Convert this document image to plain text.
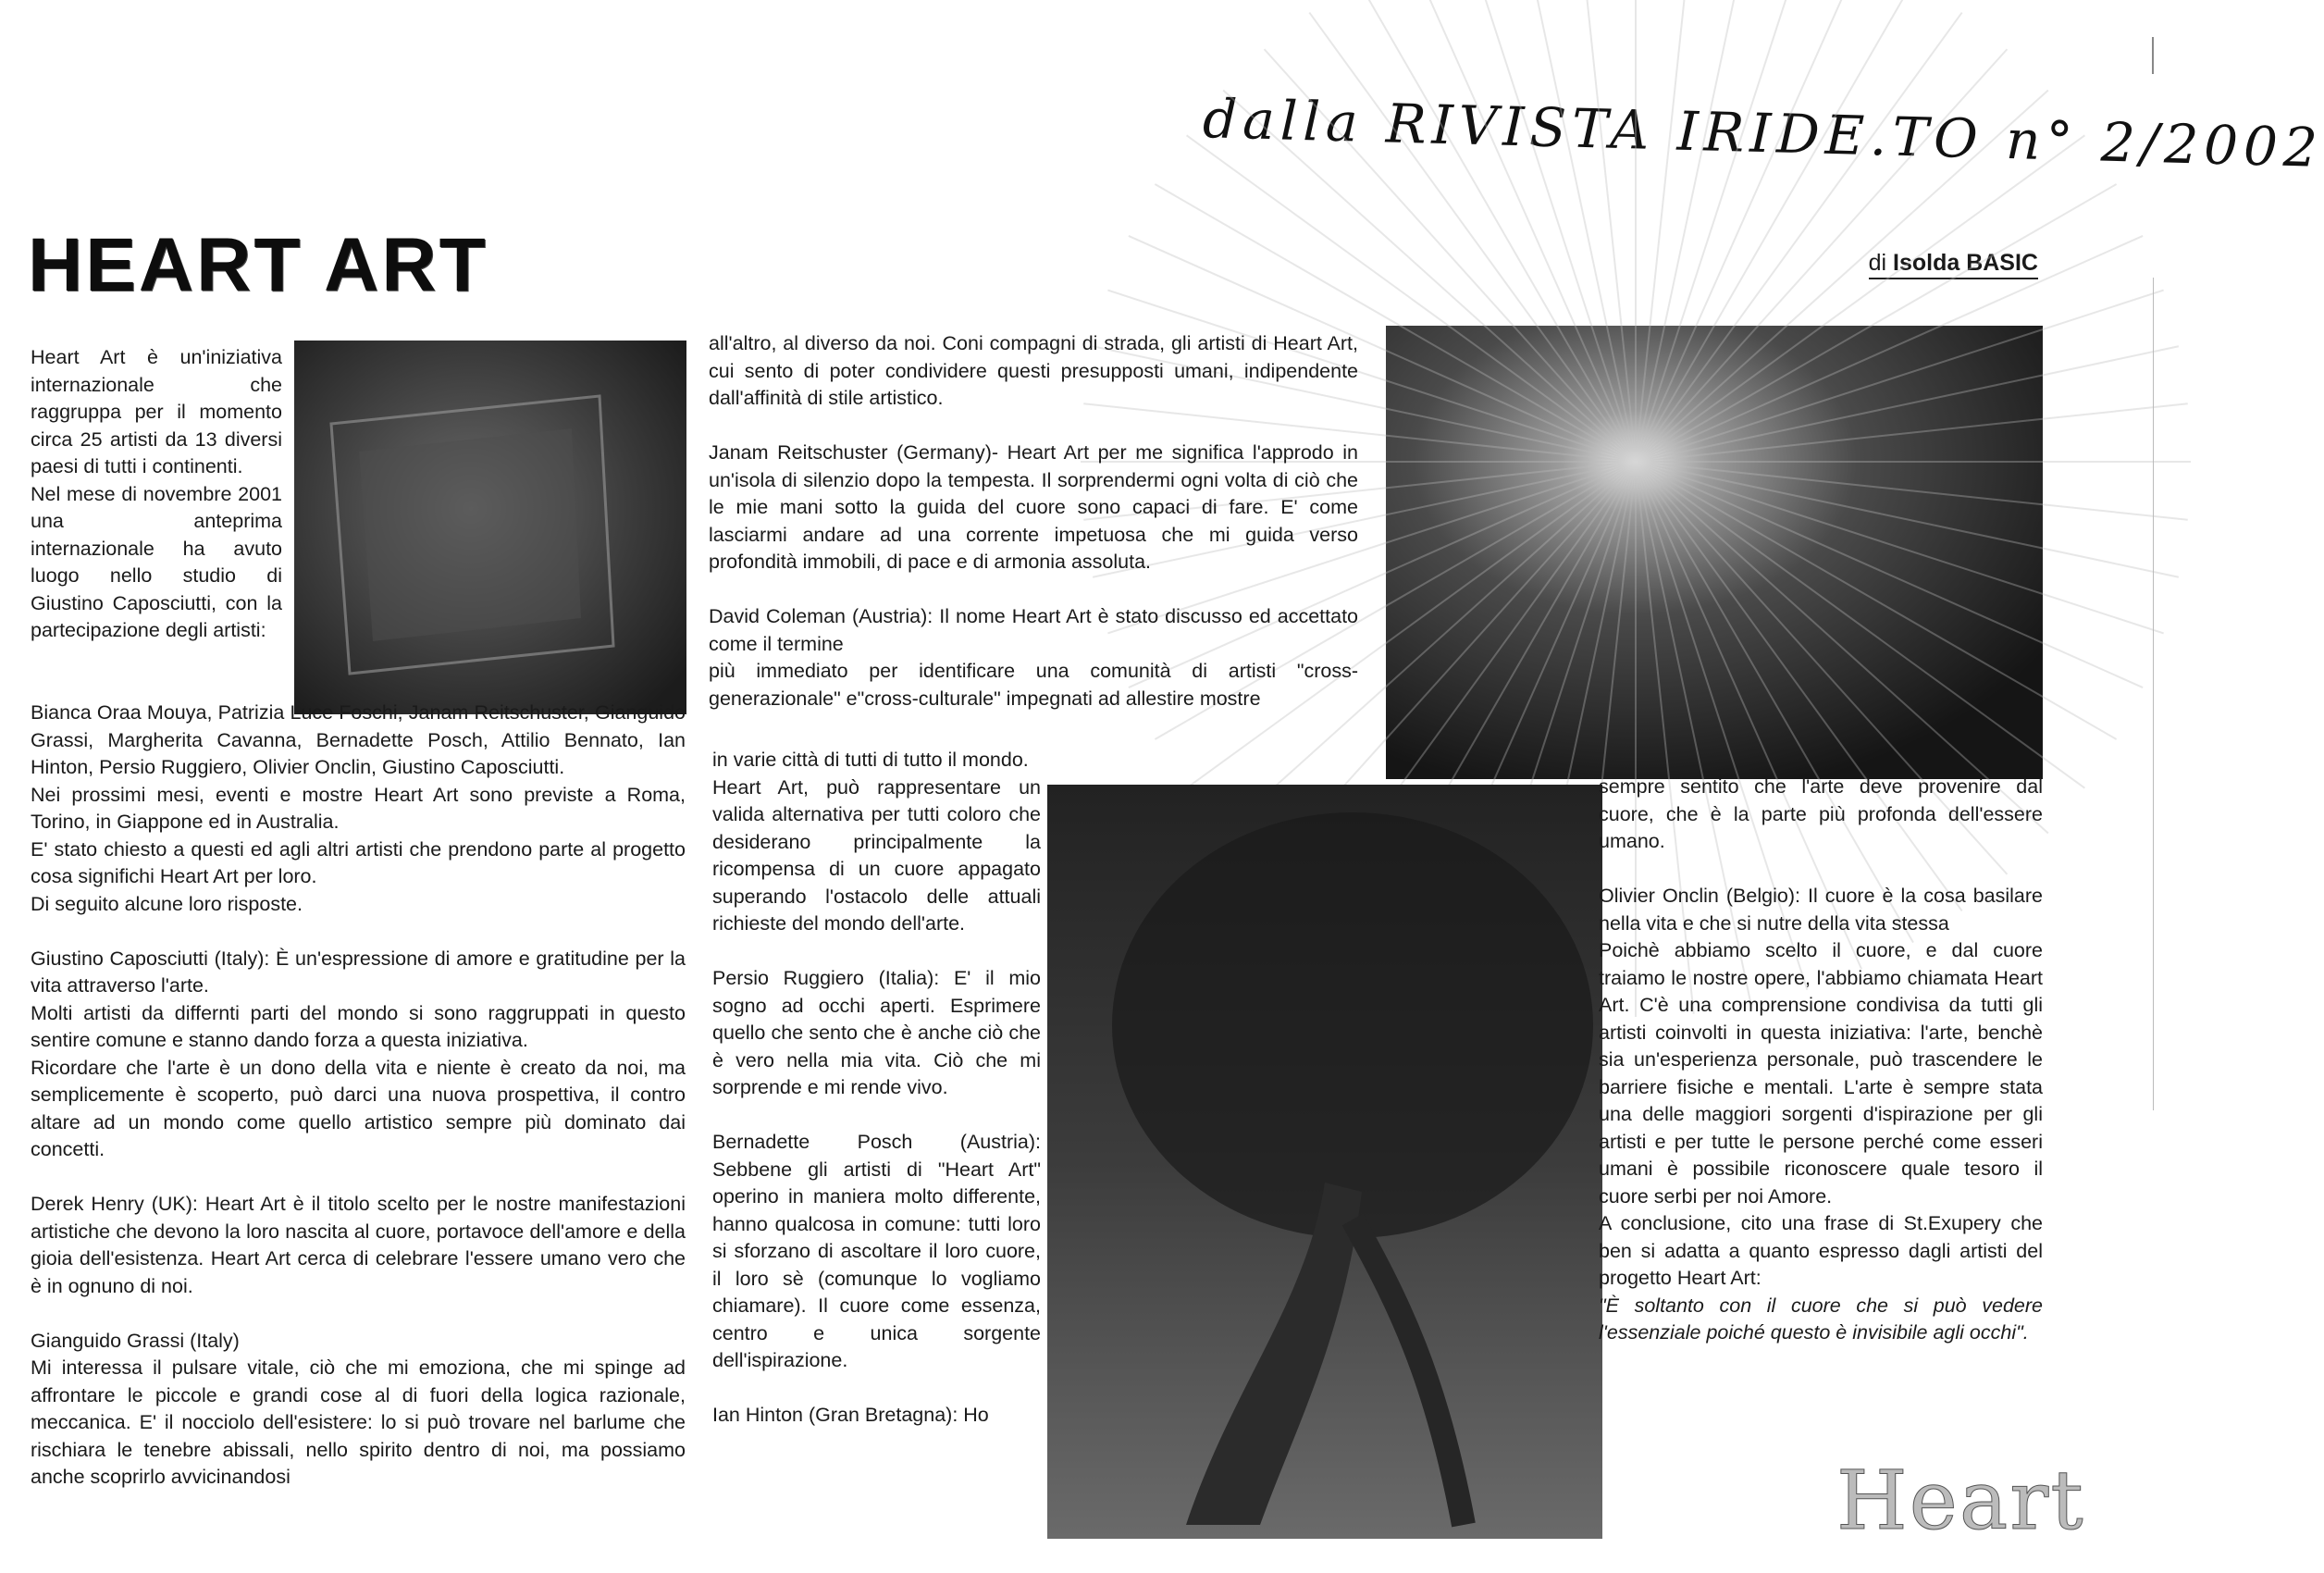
dalla RIVISTA IRIDE.TO n° 2/2002
HEART ART	di Isolda BASIC

Heart Art è un'iniziativa internazionale che raggruppa per il momento circa 25 artisti da 13 diversi paesi di tutti i continenti.

Nel mese di novembre 2001 una anteprima internazionale ha avuto luogo nello studio di Giustino Caposciutti, con la partecipazione degli artisti:

Bianca Oraa Mouya, Patrizia Luce Foschi, Janam Reitschuster, Gianguido Grassi, Margherita Cavanna, Bernadette Posch, Attilio Bennato, Ian Hinton, Persio Ruggiero, Olivier Onclin, Giustino Caposciutti.

Nei prossimi mesi, eventi e mostre Heart Art sono previste a Roma, Torino, in Giappone ed in Australia.

E' stato chiesto a questi ed agli altri artisti che prendono parte al progetto cosa significhi Heart Art per loro.

Di seguito alcune loro risposte.

Giustino Caposciutti (Italy): È un'espressione di amore e gratitudine per la vita attraverso l'arte.

Molti artisti da differnti parti del mondo si sono raggruppati in questo sentire comune e stanno dando forza a questa iniziativa.

Ricordare che l'arte è un dono della vita e niente è creato da noi, ma semplicemente è scoperto, può darci una nuova prospettiva, il contro altare ad un mondo come quello artistico sempre più dominato dai concetti.

Derek Henry (UK): Heart Art è il titolo scelto per le nostre manifestazioni artistiche che devono la loro nascita al cuore, portavoce dell'amore e della gioia dell'esistenza. Heart Art cerca di celebrare l'essere umano vero che è in ognuno di noi.

Gianguido Grassi (Italy)

Mi interessa il pulsare vitale, ciò che mi emoziona, che mi spinge ad affrontare le piccole e grandi cose al di fuori della logica razionale, meccanica. E' il nocciolo dell'esistere: lo si può trovare nel barlume che rischiara le tenebre abissali, nello spirito dentro di noi, ma possiamo anche scoprirlo avvicinandosi

all'altro, al diverso da noi. Coni compagni di strada, gli artisti di Heart Art, cui sento di poter condividere questi presupposti umani, indipendente dall'affinità di stile artistico.

Janam Reitschuster (Germany)- Heart Art per me significa l'approdo in un'isola di silenzio dopo la tempesta. Il sorprendermi ogni volta di ciò che le mie mani sotto la guida del cuore sono capaci di fare. E' come lasciarmi andare ad una corrente impetuosa che mi guida verso profondità immobili, di pace e di armonia assoluta.

David Coleman (Austria): Il nome Heart Art è stato discusso ed accettato come il termine

più immediato per identificare una comunità di artisti "cross-generazionale" e"cross-culturale" impegnati ad allestire mostre

in varie città di tutti di tutto il mondo.

Heart Art, può rappresentare un valida alternativa per tutti coloro che desiderano principalmente la ricompensa di un cuore appagato superando l'ostacolo delle attuali richieste del mondo dell'arte.

Persio Ruggiero (Italia): E' il mio sogno ad occhi aperti. Esprimere quello che sento che è anche ciò che è vero nella mia vita. Ciò che mi sorprende e mi rende vivo.

Bernadette Posch (Austria): Sebbene gli artisti di "Heart Art" operino in maniera molto differente, hanno qualcosa in comune: tutti loro si sforzano di ascoltare il loro cuore, il loro sè (comunque lo vogliamo chiamare). Il cuore come essenza, centro e unica sorgente dell'ispirazione.

Ian Hinton (Gran Bretagna): Ho

sempre sentito che l'arte deve provenire dal cuore, che è la parte più profonda dell'essere umano.

Olivier Onclin (Belgio): Il cuore è la cosa basilare nella vita e che si nutre della vita stessa

Poichè abbiamo scelto il cuore, e dal cuore traiamo le nostre opere, l'abbiamo chiamata Heart Art. C'è una comprensione condivisa da tutti gli artisti coinvolti in questa iniziativa: l'arte, benchè sia un'esperienza personale, può trascendere le barriere fisiche e mentali. L'arte è sempre stata una delle maggiori sorgenti d'ispirazione per gli artisti e per tutte le persone perché come esseri umani è possibile riconoscere quale tesoro il cuore serbi per noi Amore.

A conclusione, cito una frase di St.Exupery che ben si adatta a quanto espresso dagli artisti del progetto Heart Art:

"È soltanto con il cuore che si può vedere l'essenziale poiché questo è invisibile agli occhi".

Heart
